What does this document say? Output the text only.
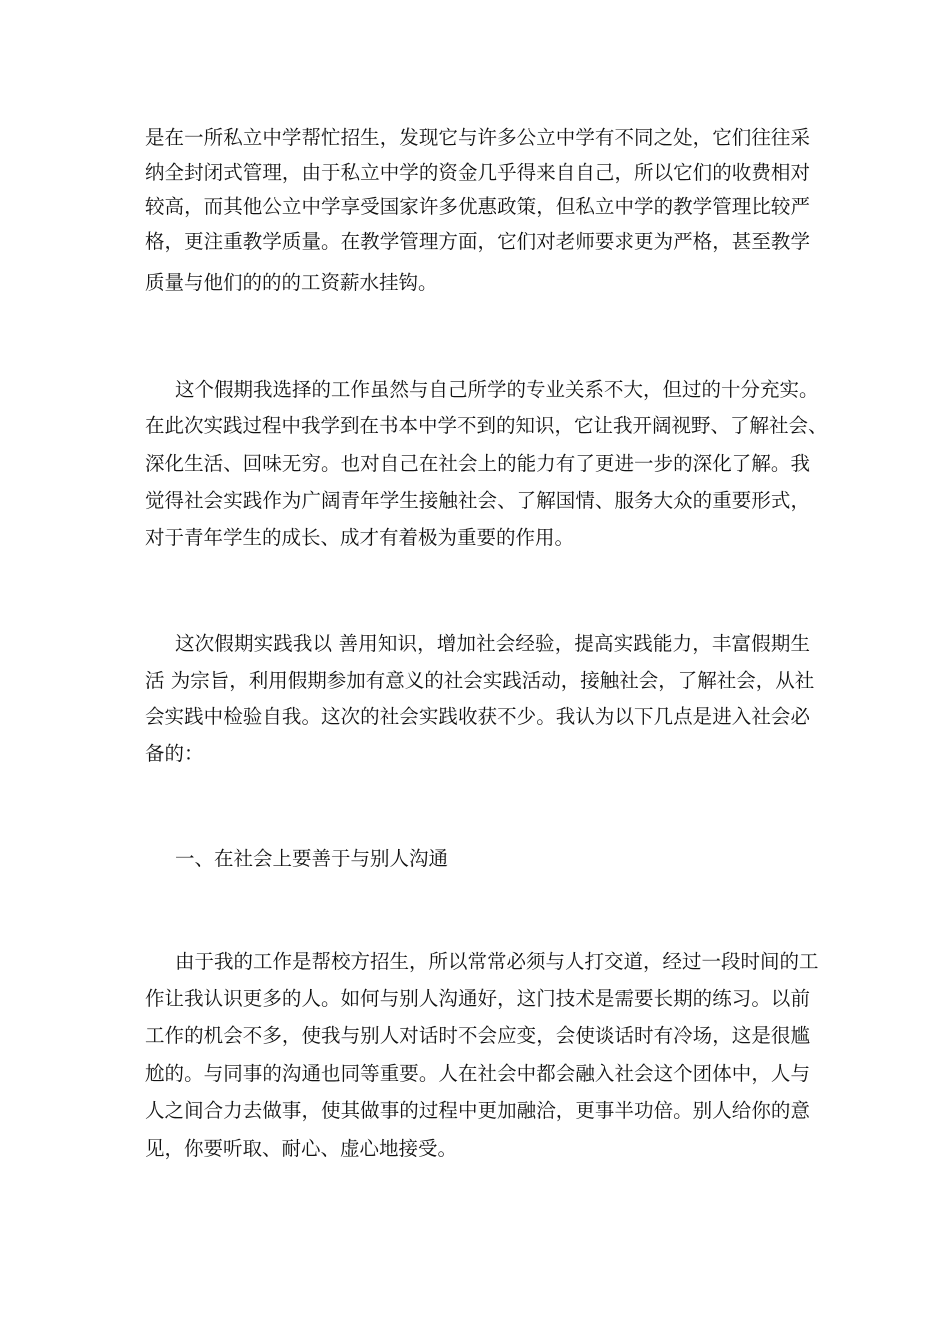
是在一所私立中学帮忙招生，发现它与许多公立中学有不同之处，它们往往采
纳全封闭式管理，由于私立中学的资金几乎得来自自己，所以它们的收费相对
较高，而其他公立中学享受国家许多优惠政策，但私立中学的教学管理比较严
格，更注重教学质量。在教学管理方面，它们对老师要求更为严格，甚至教学
质量与他们的的的工资薪水挂钩。
这个假期我选择的工作虽然与自己所学的专业关系不大，但过的十分充实。
在此次实践过程中我学到在书本中学不到的知识，它让我开阔视野、了解社会、
深化生活、回味无穷。也对自己在社会上的能力有了更进一步的深化了解。我
觉得社会实践作为广阔青年学生接触社会、了解国情、服务大众的重要形式，
对于青年学生的成长、成才有着极为重要的作用。
这次假期实践我以 善用知识，增加社会经验，提高实践能力，丰富假期生
活 为宗旨，利用假期参加有意义的社会实践活动，接触社会，了解社会，从社
会实践中检验自我。这次的社会实践收获不少。我认为以下几点是进入社会必
备的：
一、在社会上要善于与别人沟通
由于我的工作是帮校方招生，所以常常必须与人打交道，经过一段时间的工
作让我认识更多的人。如何与别人沟通好，这门技术是需要长期的练习。以前
工作的机会不多，使我与别人对话时不会应变，会使谈话时有冷场，这是很尴
尬的。与同事的沟通也同等重要。人在社会中都会融入社会这个团体中，人与
人之间合力去做事，使其做事的过程中更加融洽，更事半功倍。别人给你的意
见，你要听取、耐心、虚心地接受。
